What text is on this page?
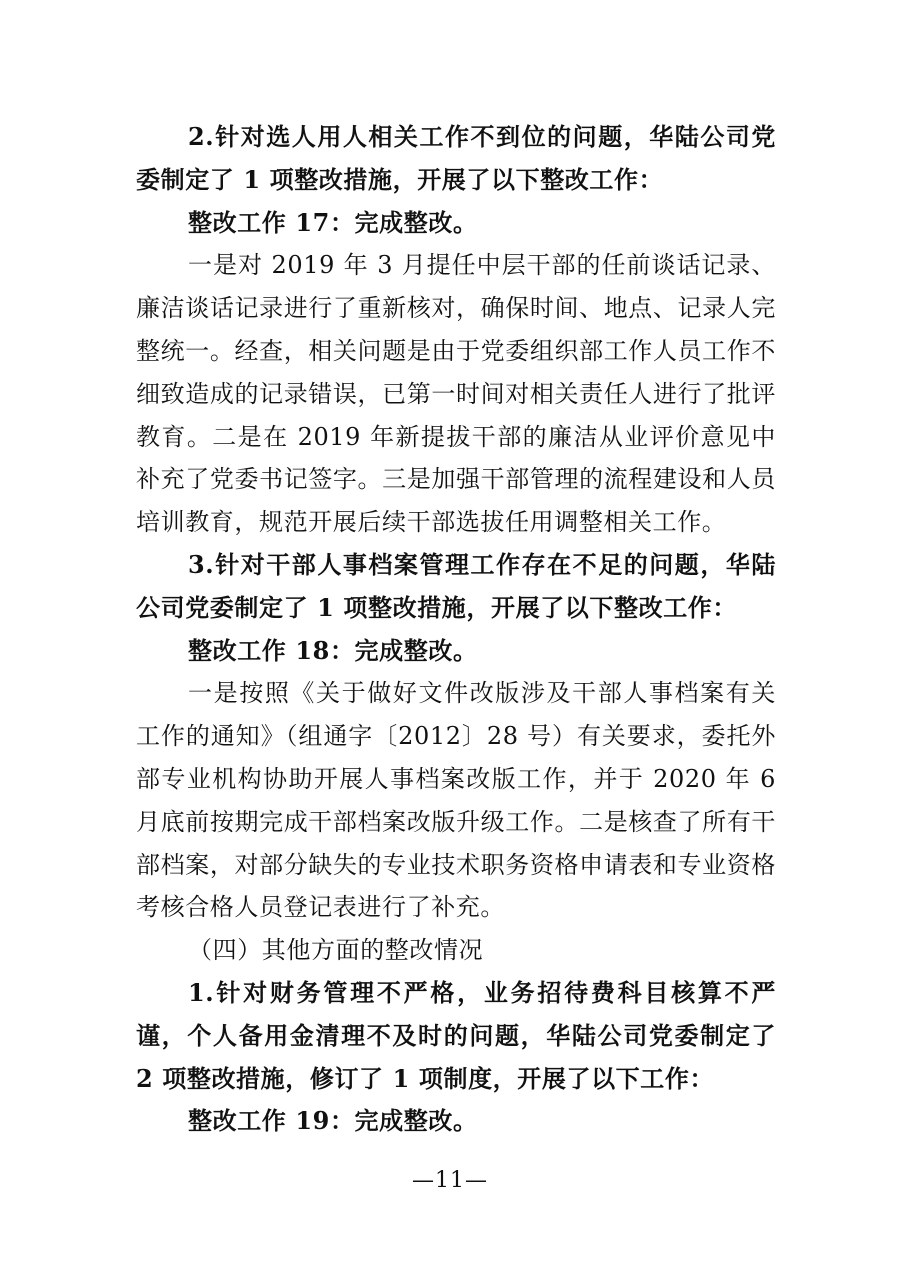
2.针对选人用人相关工作不到位的问题，华陆公司党委制定了 1 项整改措施，开展了以下整改工作：

整改工作 17：完成整改。

一是对 2019 年 3 月提任中层干部的任前谈话记录、廉洁谈话记录进行了重新核对，确保时间、地点、记录人完整统一。经查，相关问题是由于党委组织部工作人员工作不细致造成的记录错误，已第一时间对相关责任人进行了批评教育。二是在 2019 年新提拔干部的廉洁从业评价意见中补充了党委书记签字。三是加强干部管理的流程建设和人员培训教育，规范开展后续干部选拔任用调整相关工作。

3.针对干部人事档案管理工作存在不足的问题，华陆公司党委制定了 1 项整改措施，开展了以下整改工作：

整改工作 18：完成整改。

一是按照《关于做好文件改版涉及干部人事档案有关工作的通知》（组通字〔2012〕28 号）有关要求，委托外部专业机构协助开展人事档案改版工作，并于 2020 年 6 月底前按期完成干部档案改版升级工作。二是核查了所有干部档案，对部分缺失的专业技术职务资格申请表和专业资格考核合格人员登记表进行了补充。

（四）其他方面的整改情况

1.针对财务管理不严格，业务招待费科目核算不严谨，个人备用金清理不及时的问题，华陆公司党委制定了 2 项整改措施，修订了 1 项制度，开展了以下工作：

整改工作 19：完成整改。

—11—
